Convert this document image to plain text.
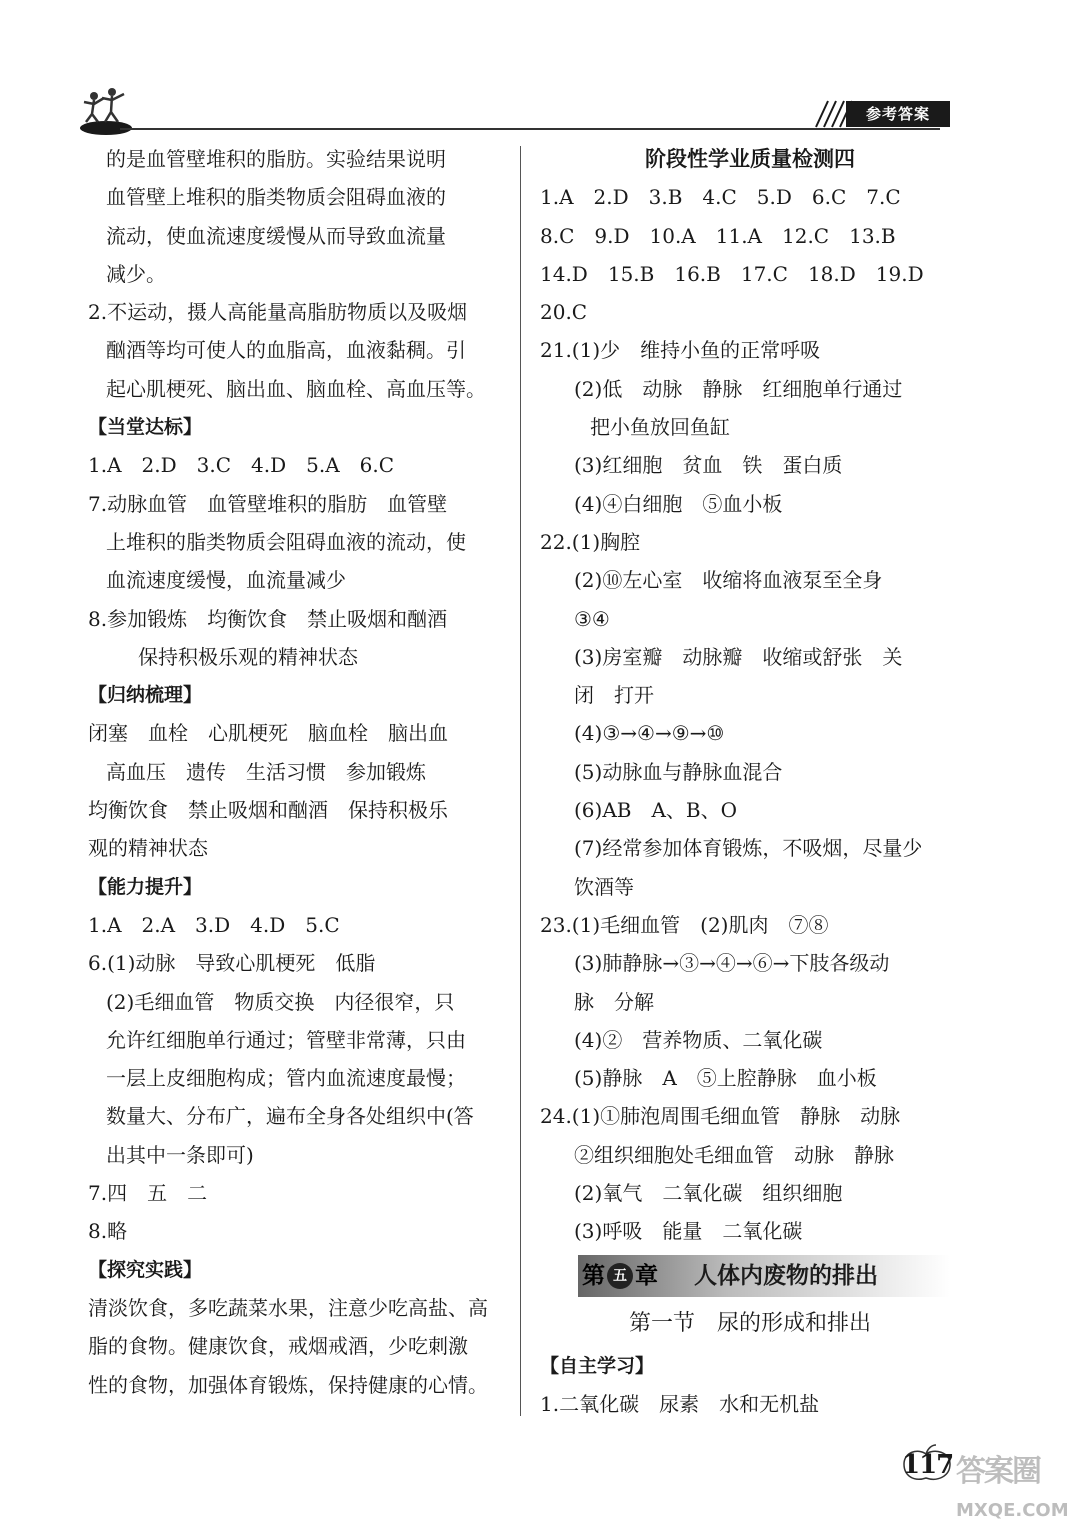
参考答案
的是血管壁堆积的脂肪。实验结果说明
血管壁上堆积的脂类物质会阻碍血液的
流动，使血流速度缓慢从而导致血流量
减少。
2.不运动，摄人高能量高脂肪物质以及吸烟
酗酒等均可使人的血脂高，血液黏稠。引
起心肌梗死、脑出血、脑血栓、高血压等。
【当堂达标】
1.A　2.D　3.C　4.D　5.A　6.C
7.动脉血管　血管壁堆积的脂肪　血管壁
上堆积的脂类物质会阻碍血液的流动，使
血流速度缓慢，血流量减少
8.参加锻炼　均衡饮食　禁止吸烟和酗酒
保持积极乐观的精神状态
【归纳梳理】
闭塞　血栓　心肌梗死　脑血栓　脑出血
高血压　遗传　生活习惯　参加锻炼
均衡饮食　禁止吸烟和酗酒　保持积极乐
观的精神状态
【能力提升】
1.A　2.A　3.D　4.D　5.C
6.(1)动脉　导致心肌梗死　低脂
(2)毛细血管　物质交换　内径很窄，只
允许红细胞单行通过；管壁非常薄，只由
一层上皮细胞构成；管内血流速度最慢；
数量大、分布广，遍布全身各处组织中(答
出其中一条即可)
7.四　五　二
8.略
【探究实践】
清淡饮食，多吃蔬菜水果，注意少吃高盐、高
脂的食物。健康饮食，戒烟戒酒，少吃刺激
性的食物，加强体育锻炼，保持健康的心情。
阶段性学业质量检测四
1.A　2.D　3.B　4.C　5.D　6.C　7.C
8.C　9.D　10.A　11.A　12.C　13.B
14.D　15.B　16.B　17.C　18.D　19.D
20.C
21.(1)少　维持小鱼的正常呼吸
(2)低　动脉　静脉　红细胞单行通过
把小鱼放回鱼缸
(3)红细胞　贫血　铁　蛋白质
(4)④白细胞　⑤血小板
22.(1)胸腔
(2)⑩左心室　收缩将血液泵至全身
③④
(3)房室瓣　动脉瓣　收缩或舒张　关
闭　打开
(4)③→④→⑨→⑩
(5)动脉血与静脉血混合
(6)AB　A、B、O
(7)经常参加体育锻炼，不吸烟，尽量少
饮酒等
23.(1)毛细血管　(2)肌肉　⑦⑧
(3)肺静脉→③→④→⑥→下肢各级动
脉　分解
(4)②　营养物质、二氧化碳
(5)静脉　A　⑤上腔静脉　血小板
24.(1)①肺泡周围毛细血管　静脉　动脉
②组织细胞处毛细血管　动脉　静脉
(2)氧气　二氧化碳　组织细胞
(3)呼吸　能量　二氧化碳
第 五 章 人体内废物的排出
第一节　尿的形成和排出
【自主学习】
1.二氧化碳　尿素　水和无机盐
117 答案圈
MXQE.COM
